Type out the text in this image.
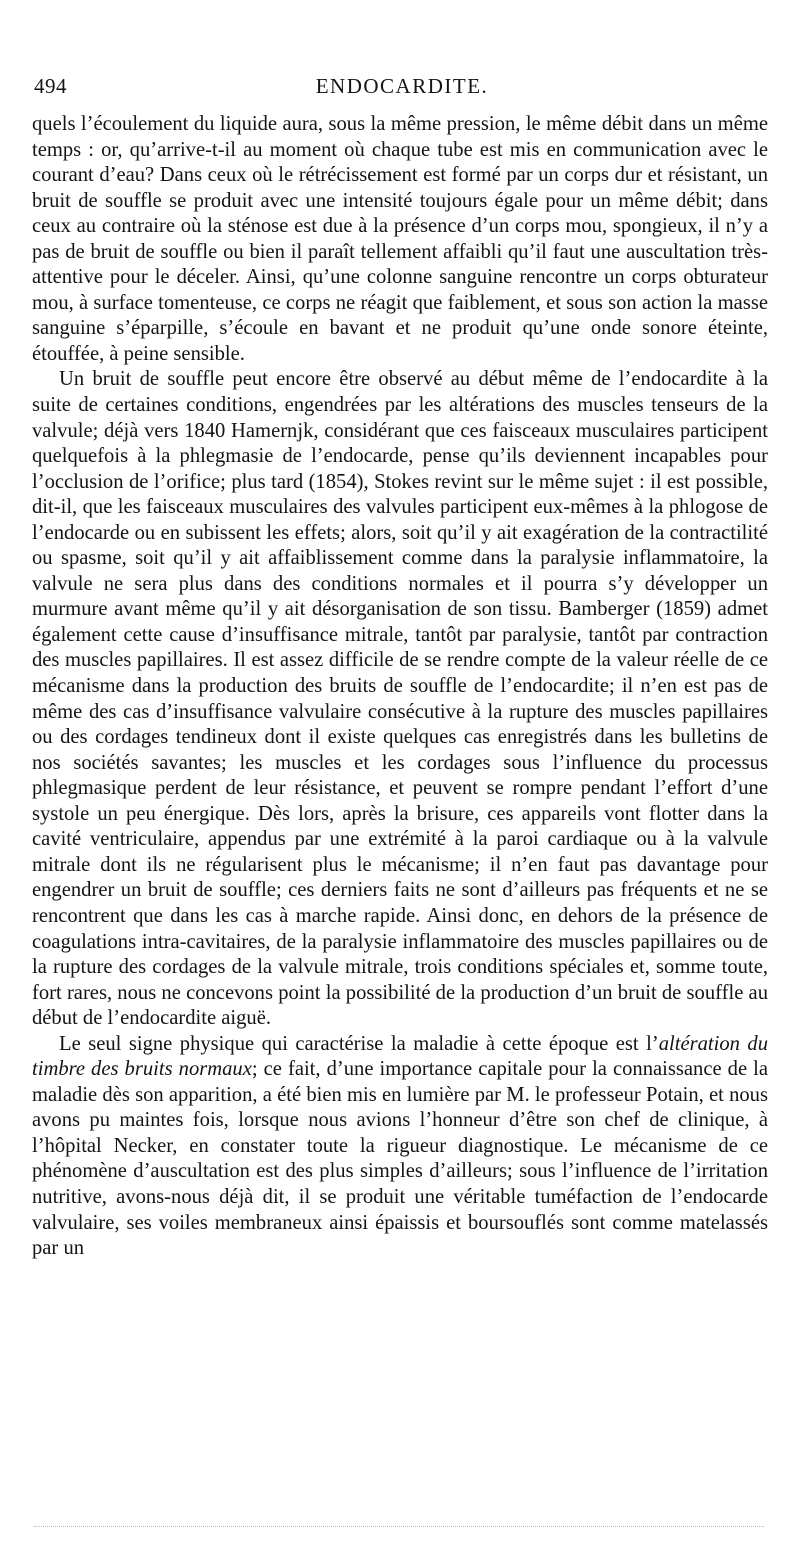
494	ENDOCARDITE.

quels l’écoulement du liquide aura, sous la même pression, le même débit dans un même temps : or, qu’arrive-t-il au moment où chaque tube est mis en communication avec le courant d’eau? Dans ceux où le rétrécissement est formé par un corps dur et résistant, un bruit de souffle se produit avec une intensité toujours égale pour un même débit; dans ceux au contraire où la sténose est due à la présence d’un corps mou, spongieux, il n’y a pas de bruit de souffle ou bien il paraît tellement affaibli qu’il faut une auscultation très-attentive pour le déceler. Ainsi, qu’une colonne sanguine rencontre un corps obturateur mou, à surface tomenteuse, ce corps ne réagit que faiblement, et sous son action la masse sanguine s’éparpille, s’écoule en bavant et ne produit qu’une onde sonore éteinte, étouffée, à peine sensible.

Un bruit de souffle peut encore être observé au début même de l’endocardite à la suite de certaines conditions, engendrées par les altérations des muscles tenseurs de la valvule; déjà vers 1840 Hamernjk, considérant que ces faisceaux musculaires participent quelquefois à la phlegmasie de l’endocarde, pense qu’ils deviennent incapables pour l’occlusion de l’orifice; plus tard (1854), Stokes revint sur le même sujet : il est possible, dit-il, que les faisceaux musculaires des valvules participent eux-mêmes à la phlogose de l’endocarde ou en subissent les effets; alors, soit qu’il y ait exagération de la contractilité ou spasme, soit qu’il y ait affaiblissement comme dans la paralysie inflammatoire, la valvule ne sera plus dans des conditions normales et il pourra s’y développer un murmure avant même qu’il y ait désorganisation de son tissu. Bamberger (1859) admet également cette cause d’insuffisance mitrale, tantôt par paralysie, tantôt par contraction des muscles papillaires. Il est assez difficile de se rendre compte de la valeur réelle de ce mécanisme dans la production des bruits de souffle de l’endocardite; il n’en est pas de même des cas d’insuffisance valvulaire consécutive à la rupture des muscles papillaires ou des cordages tendineux dont il existe quelques cas enregistrés dans les bulletins de nos sociétés savantes; les muscles et les cordages sous l’influence du processus phlegmasique perdent de leur résistance, et peuvent se rompre pendant l’effort d’une systole un peu énergique. Dès lors, après la brisure, ces appareils vont flotter dans la cavité ventriculaire, appendus par une extrémité à la paroi cardiaque ou à la valvule mitrale dont ils ne régularisent plus le mécanisme; il n’en faut pas davantage pour engendrer un bruit de souffle; ces derniers faits ne sont d’ailleurs pas fréquents et ne se rencontrent que dans les cas à marche rapide. Ainsi donc, en dehors de la présence de coagulations intra-cavitaires, de la paralysie inflammatoire des muscles papillaires ou de la rupture des cordages de la valvule mitrale, trois conditions spéciales et, somme toute, fort rares, nous ne concevons point la possibilité de la production d’un bruit de souffle au début de l’endocardite aiguë.

Le seul signe physique qui caractérise la maladie à cette époque est l’altération du timbre des bruits normaux; ce fait, d’une importance capitale pour la connaissance de la maladie dès son apparition, a été bien mis en lumière par M. le professeur Potain, et nous avons pu maintes fois, lorsque nous avions l’honneur d’être son chef de clinique, à l’hôpital Necker, en constater toute la rigueur diagnostique. Le mécanisme de ce phénomène d’auscultation est des plus simples d’ailleurs; sous l’influence de l’irritation nutritive, avons-nous déjà dit, il se produit une véritable tuméfaction de l’endocarde valvulaire, ses voiles membraneux ainsi épaissis et boursouflés sont comme matelassés par un
